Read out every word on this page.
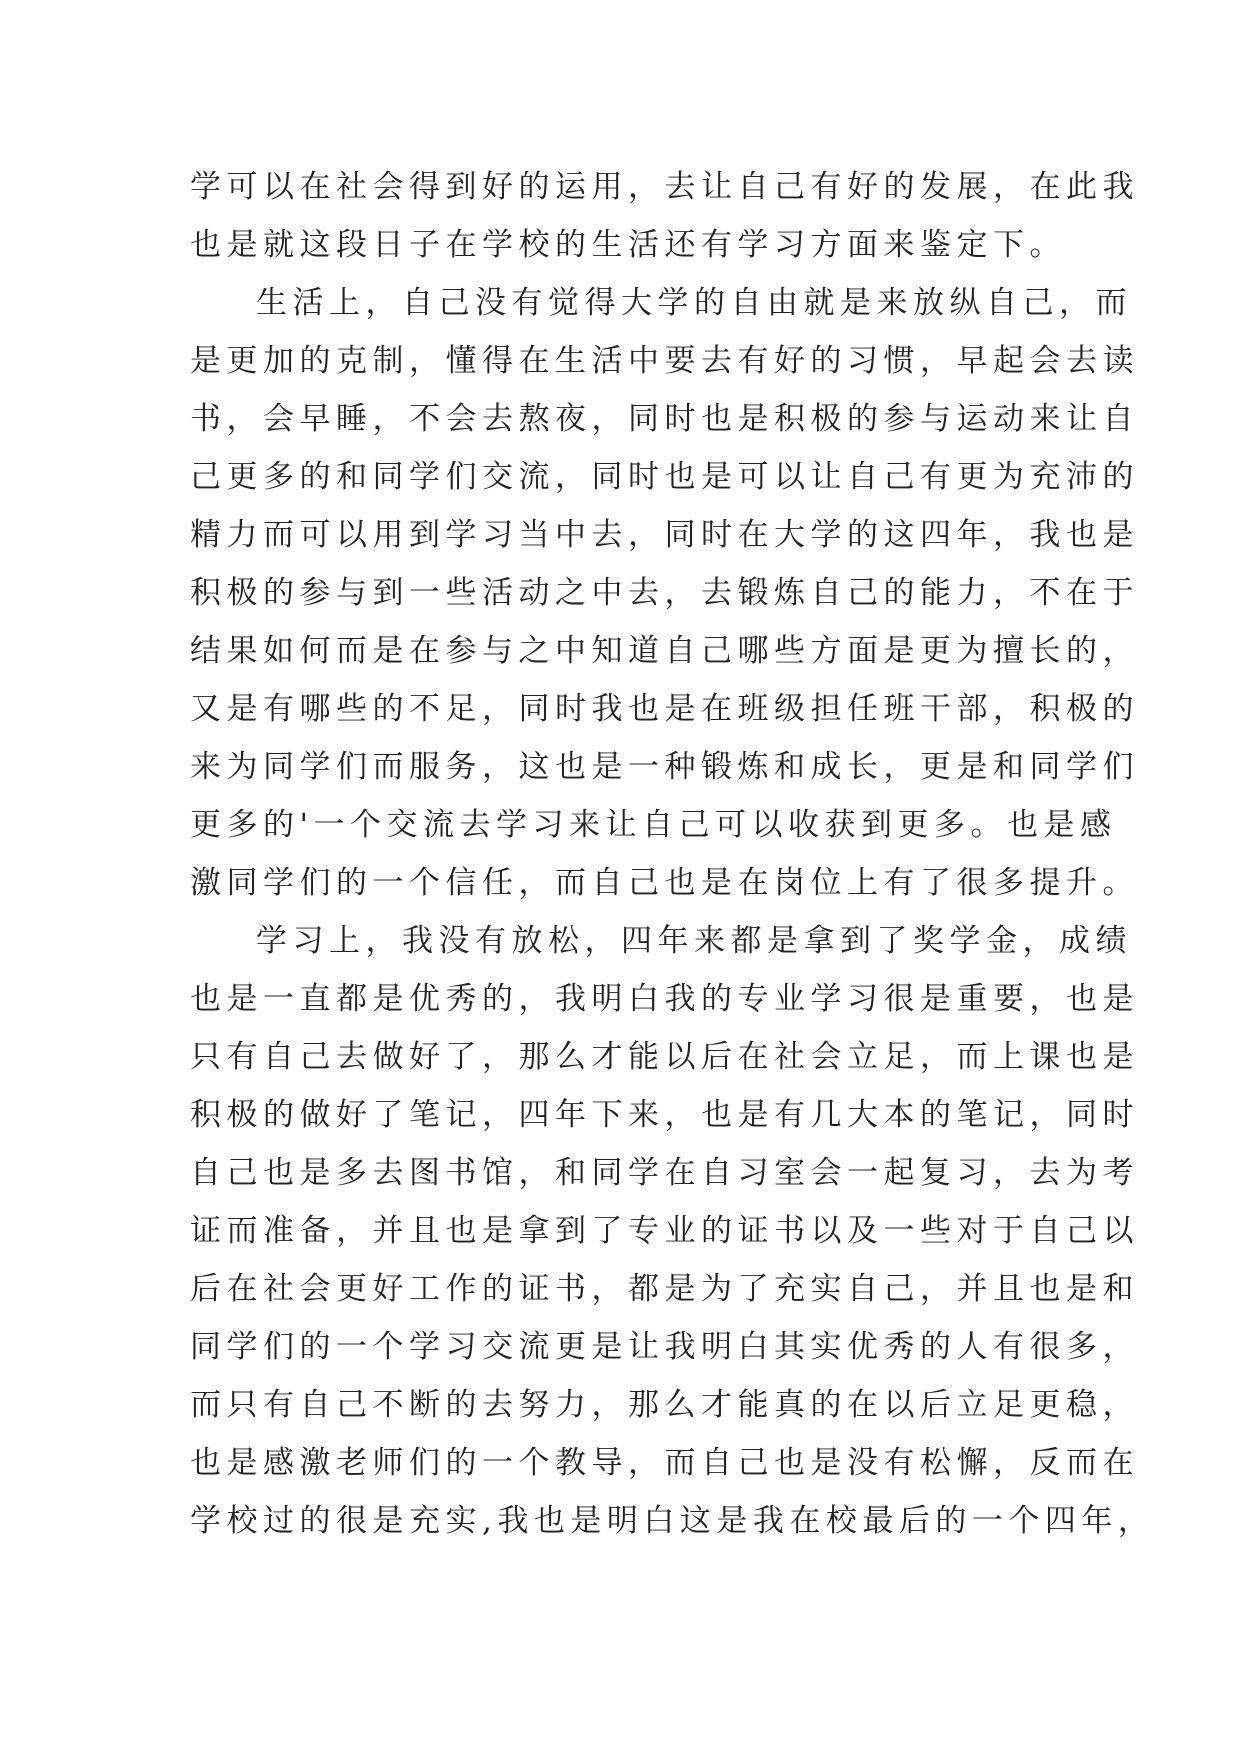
学可以在社会得到好的运用，去让自己有好的发展，在此我
也是就这段日子在学校的生活还有学习方面来鉴定下。
生活上，自己没有觉得大学的自由就是来放纵自己，而
是更加的克制，懂得在生活中要去有好的习惯，早起会去读
书，会早睡，不会去熬夜，同时也是积极的参与运动来让自
己更多的和同学们交流，同时也是可以让自己有更为充沛的
精力而可以用到学习当中去，同时在大学的这四年，我也是
积极的参与到一些活动之中去，去锻炼自己的能力，不在于
结果如何而是在参与之中知道自己哪些方面是更为擅长的，
又是有哪些的不足，同时我也是在班级担任班干部，积极的
来为同学们而服务，这也是一种锻炼和成长，更是和同学们
更多的'一个交流去学习来让自己可以收获到更多。也是感
激同学们的一个信任，而自己也是在岗位上有了很多提升。
学习上，我没有放松，四年来都是拿到了奖学金，成绩
也是一直都是优秀的，我明白我的专业学习很是重要，也是
只有自己去做好了，那么才能以后在社会立足，而上课也是
积极的做好了笔记，四年下来，也是有几大本的笔记，同时
自己也是多去图书馆，和同学在自习室会一起复习，去为考
证而准备，并且也是拿到了专业的证书以及一些对于自己以
后在社会更好工作的证书，都是为了充实自己，并且也是和
同学们的一个学习交流更是让我明白其实优秀的人有很多，
而只有自己不断的去努力，那么才能真的在以后立足更稳，
也是感激老师们的一个教导，而自己也是没有松懈，反而在
学校过的很是充实,我也是明白这是我在校最后的一个四年，
